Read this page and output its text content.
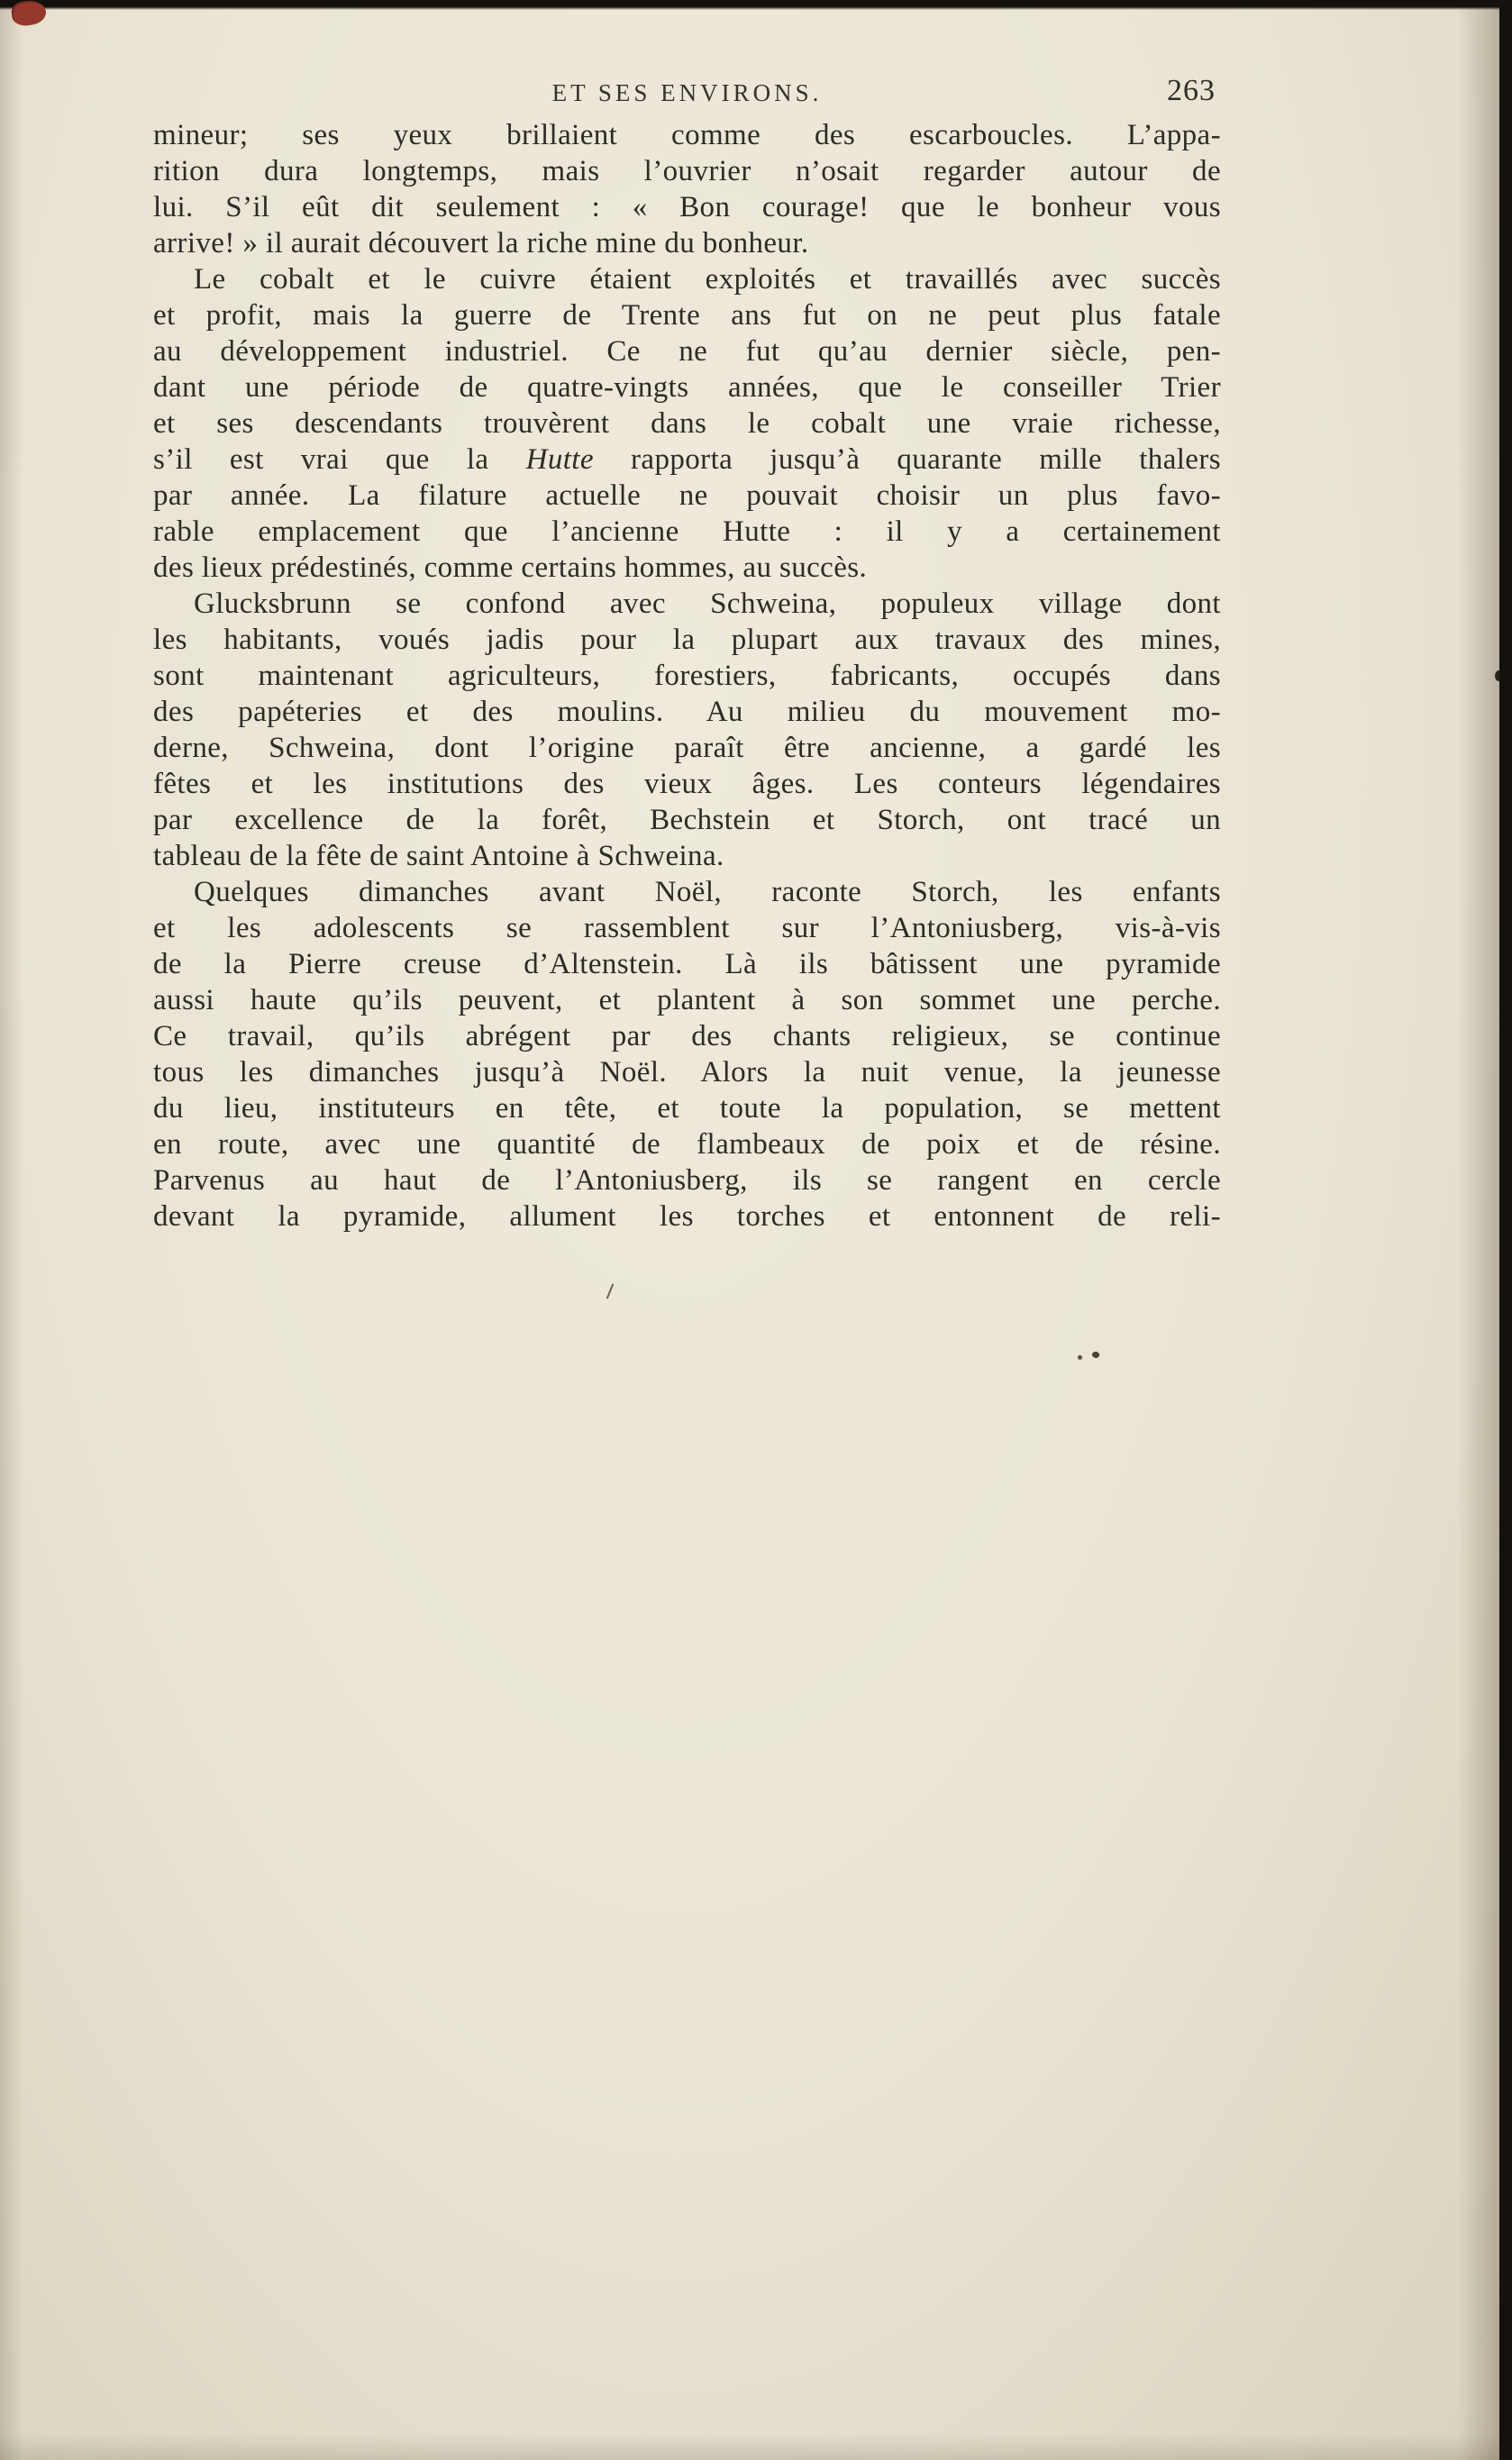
ET SES ENVIRONS.	263
mineur; ses yeux brillaient comme des escarboucles. L’appa-
rition dura longtemps, mais l’ouvrier n’osait regarder autour de
lui. S’il eût dit seulement : « Bon courage! que le bonheur vous
arrive! » il aurait découvert la riche mine du bonheur.
Le cobalt et le cuivre étaient exploités et travaillés avec succès
et profit, mais la guerre de Trente ans fut on ne peut plus fatale
au développement industriel. Ce ne fut qu’au dernier siècle, pen-
dant une période de quatre-vingts années, que le conseiller Trier
et ses descendants trouvèrent dans le cobalt une vraie richesse,
s’il est vrai que la Hutte rapporta jusqu’à quarante mille thalers
par année. La filature actuelle ne pouvait choisir un plus favo-
rable emplacement que l’ancienne Hutte : il y a certainement
des lieux prédestinés, comme certains hommes, au succès.
Glucksbrunn se confond avec Schweina, populeux village dont
les habitants, voués jadis pour la plupart aux travaux des mines,
sont maintenant agriculteurs, forestiers, fabricants, occupés dans
des papéteries et des moulins. Au milieu du mouvement mo-
derne, Schweina, dont l’origine paraît être ancienne, a gardé les
fêtes et les institutions des vieux âges. Les conteurs légendaires
par excellence de la forêt, Bechstein et Storch, ont tracé un
tableau de la fête de saint Antoine à Schweina.
Quelques dimanches avant Noël, raconte Storch, les enfants
et les adolescents se rassemblent sur l’Antoniusberg, vis-à-vis
de la Pierre creuse d’Altenstein. Là ils bâtissent une pyramide
aussi haute qu’ils peuvent, et plantent à son sommet une perche.
Ce travail, qu’ils abrégent par des chants religieux, se continue
tous les dimanches jusqu’à Noël. Alors la nuit venue, la jeunesse
du lieu, instituteurs en tête, et toute la population, se mettent
en route, avec une quantité de flambeaux de poix et de résine.
Parvenus au haut de l’Antoniusberg, ils se rangent en cercle
devant la pyramide, allument les torches et entonnent de reli-
